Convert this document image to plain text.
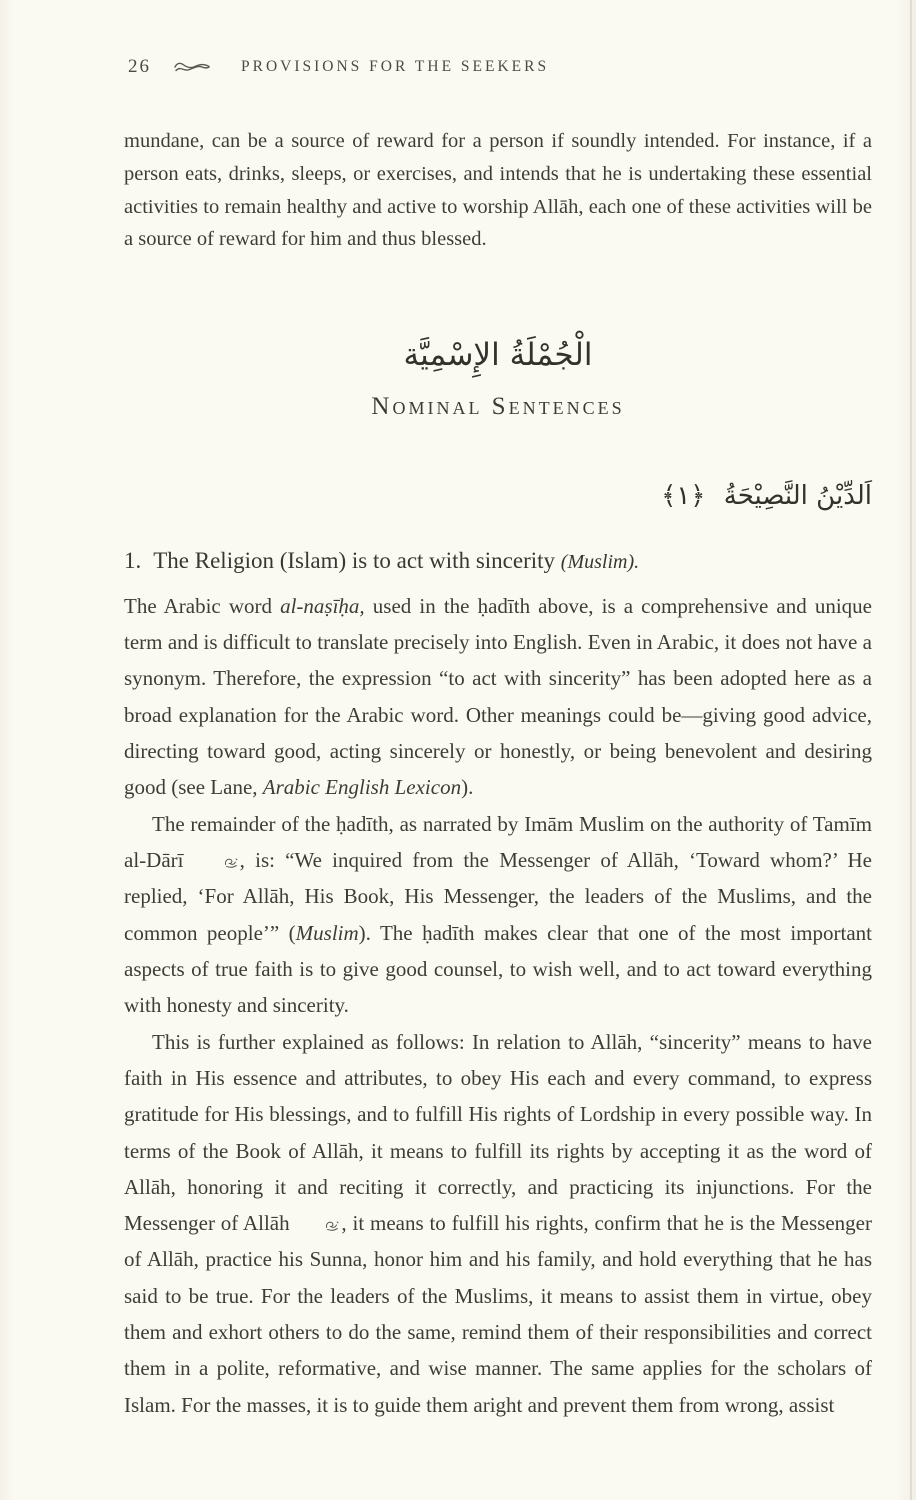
26	PROVISIONS FOR THE SEEKERS

mundane, can be a source of reward for a person if soundly intended. For instance, if a person eats, drinks, sleeps, or exercises, and intends that he is undertaking these essential activities to remain healthy and active to worship Allāh, each one of these activities will be a source of reward for him and thus blessed.

الْجُمْلَةُ الإِسْمِيَّة
Nominal Sentences
اَلدِّيْنُ النَّصِيْحَةُ ﴿١﴾
1. The Religion (Islam) is to act with sincerity (Muslim).

The Arabic word al-naṣīḥa, used in the ḥadīth above, is a comprehensive and unique term and is difficult to translate precisely into English. Even in Arabic, it does not have a synonym. Therefore, the expression “to act with sincerity” has been adopted here as a broad explanation for the Arabic word. Other meanings could be—giving good advice, directing toward good, acting sincerely or honestly, or being benevolent and desiring good (see Lane, Arabic English Lexicon).

The remainder of the ḥadīth, as narrated by Imām Muslim on the authority of Tamīm al-Dārī , is: “We inquired from the Messenger of Allāh, ‘Toward whom?’ He replied, ‘For Allāh, His Book, His Messenger, the leaders of the Muslims, and the common people’” (Muslim). The ḥadīth makes clear that one of the most important aspects of true faith is to give good counsel, to wish well, and to act toward everything with honesty and sincerity.

This is further explained as follows: In relation to Allāh, “sincerity” means to have faith in His essence and attributes, to obey His each and every command, to express gratitude for His blessings, and to fulfill His rights of Lordship in every possible way. In terms of the Book of Allāh, it means to fulfill its rights by accepting it as the word of Allāh, honoring it and reciting it correctly, and practicing its injunctions. For the Messenger of Allāh , it means to fulfill his rights, confirm that he is the Messenger of Allāh, practice his Sunna, honor him and his family, and hold everything that he has said to be true. For the leaders of the Muslims, it means to assist them in virtue, obey them and exhort others to do the same, remind them of their responsibilities and correct them in a polite, reformative, and wise manner. The same applies for the scholars of Islam. For the masses, it is to guide them aright and prevent them from wrong, assist
